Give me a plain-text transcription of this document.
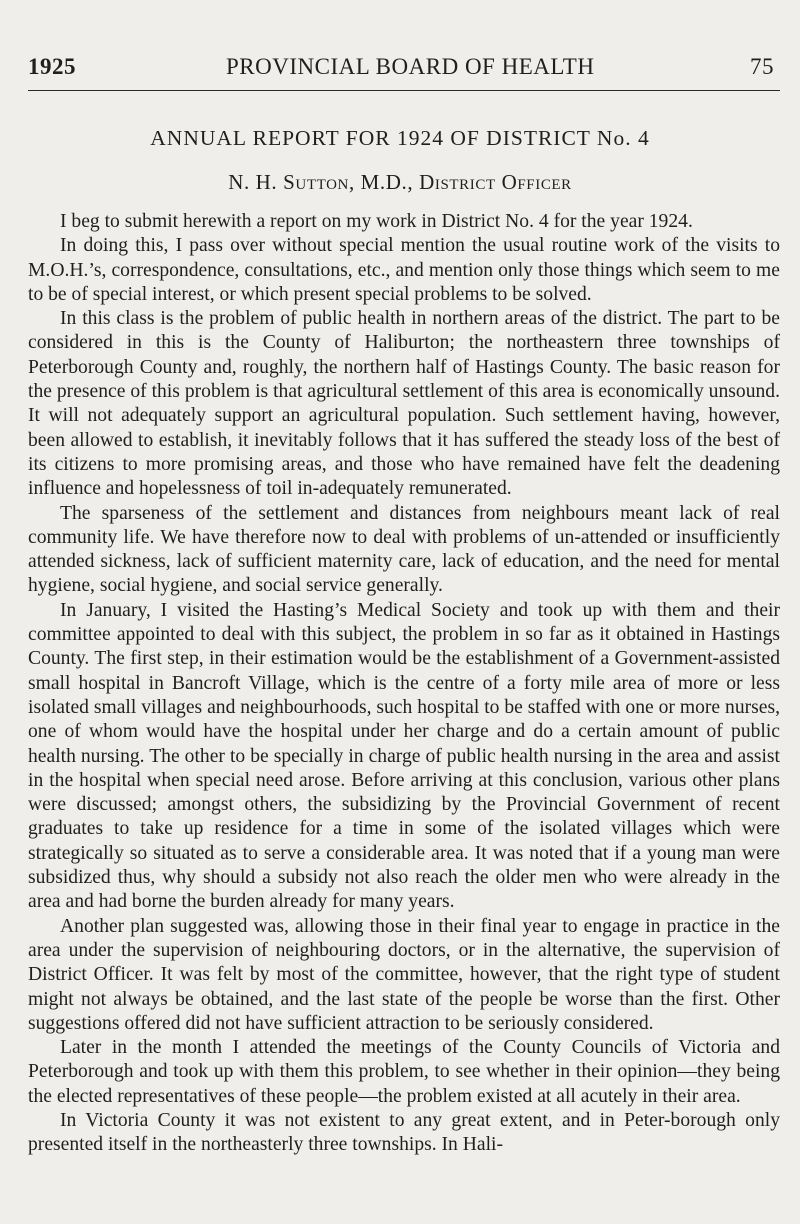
1925	PROVINCIAL BOARD OF HEALTH	75
ANNUAL REPORT FOR 1924 OF DISTRICT No. 4
N. H. Sutton, M.D., District Officer

I beg to submit herewith a report on my work in District No. 4 for the year 1924.

In doing this, I pass over without special mention the usual routine work of the visits to M.O.H.’s, correspondence, consultations, etc., and mention only those things which seem to me to be of special interest, or which present special problems to be solved.

In this class is the problem of public health in northern areas of the district. The part to be considered in this is the County of Haliburton; the northeastern three townships of Peterborough County and, roughly, the northern half of Hastings County. The basic reason for the presence of this problem is that agricultural settlement of this area is economically unsound. It will not adequately support an agricultural population. Such settlement having, however, been allowed to establish, it inevitably follows that it has suffered the steady loss of the best of its citizens to more promising areas, and those who have remained have felt the deadening influence and hopelessness of toil in-adequately remunerated.

The sparseness of the settlement and distances from neighbours meant lack of real community life. We have therefore now to deal with problems of un-attended or insufficiently attended sickness, lack of sufficient maternity care, lack of education, and the need for mental hygiene, social hygiene, and social service generally.

In January, I visited the Hasting’s Medical Society and took up with them and their committee appointed to deal with this subject, the problem in so far as it obtained in Hastings County. The first step, in their estimation would be the establishment of a Government-assisted small hospital in Bancroft Village, which is the centre of a forty mile area of more or less isolated small villages and neighbourhoods, such hospital to be staffed with one or more nurses, one of whom would have the hospital under her charge and do a certain amount of public health nursing. The other to be specially in charge of public health nursing in the area and assist in the hospital when special need arose. Before arriving at this conclusion, various other plans were discussed; amongst others, the subsidizing by the Provincial Government of recent graduates to take up residence for a time in some of the isolated villages which were strategically so situated as to serve a considerable area. It was noted that if a young man were subsidized thus, why should a subsidy not also reach the older men who were already in the area and had borne the burden already for many years.

Another plan suggested was, allowing those in their final year to engage in practice in the area under the supervision of neighbouring doctors, or in the alternative, the supervision of District Officer. It was felt by most of the committee, however, that the right type of student might not always be obtained, and the last state of the people be worse than the first. Other suggestions offered did not have sufficient attraction to be seriously considered.

Later in the month I attended the meetings of the County Councils of Victoria and Peterborough and took up with them this problem, to see whether in their opinion—they being the elected representatives of these people—the problem existed at all acutely in their area.

In Victoria County it was not existent to any great extent, and in Peter-borough only presented itself in the northeasterly three townships. In Hali-
